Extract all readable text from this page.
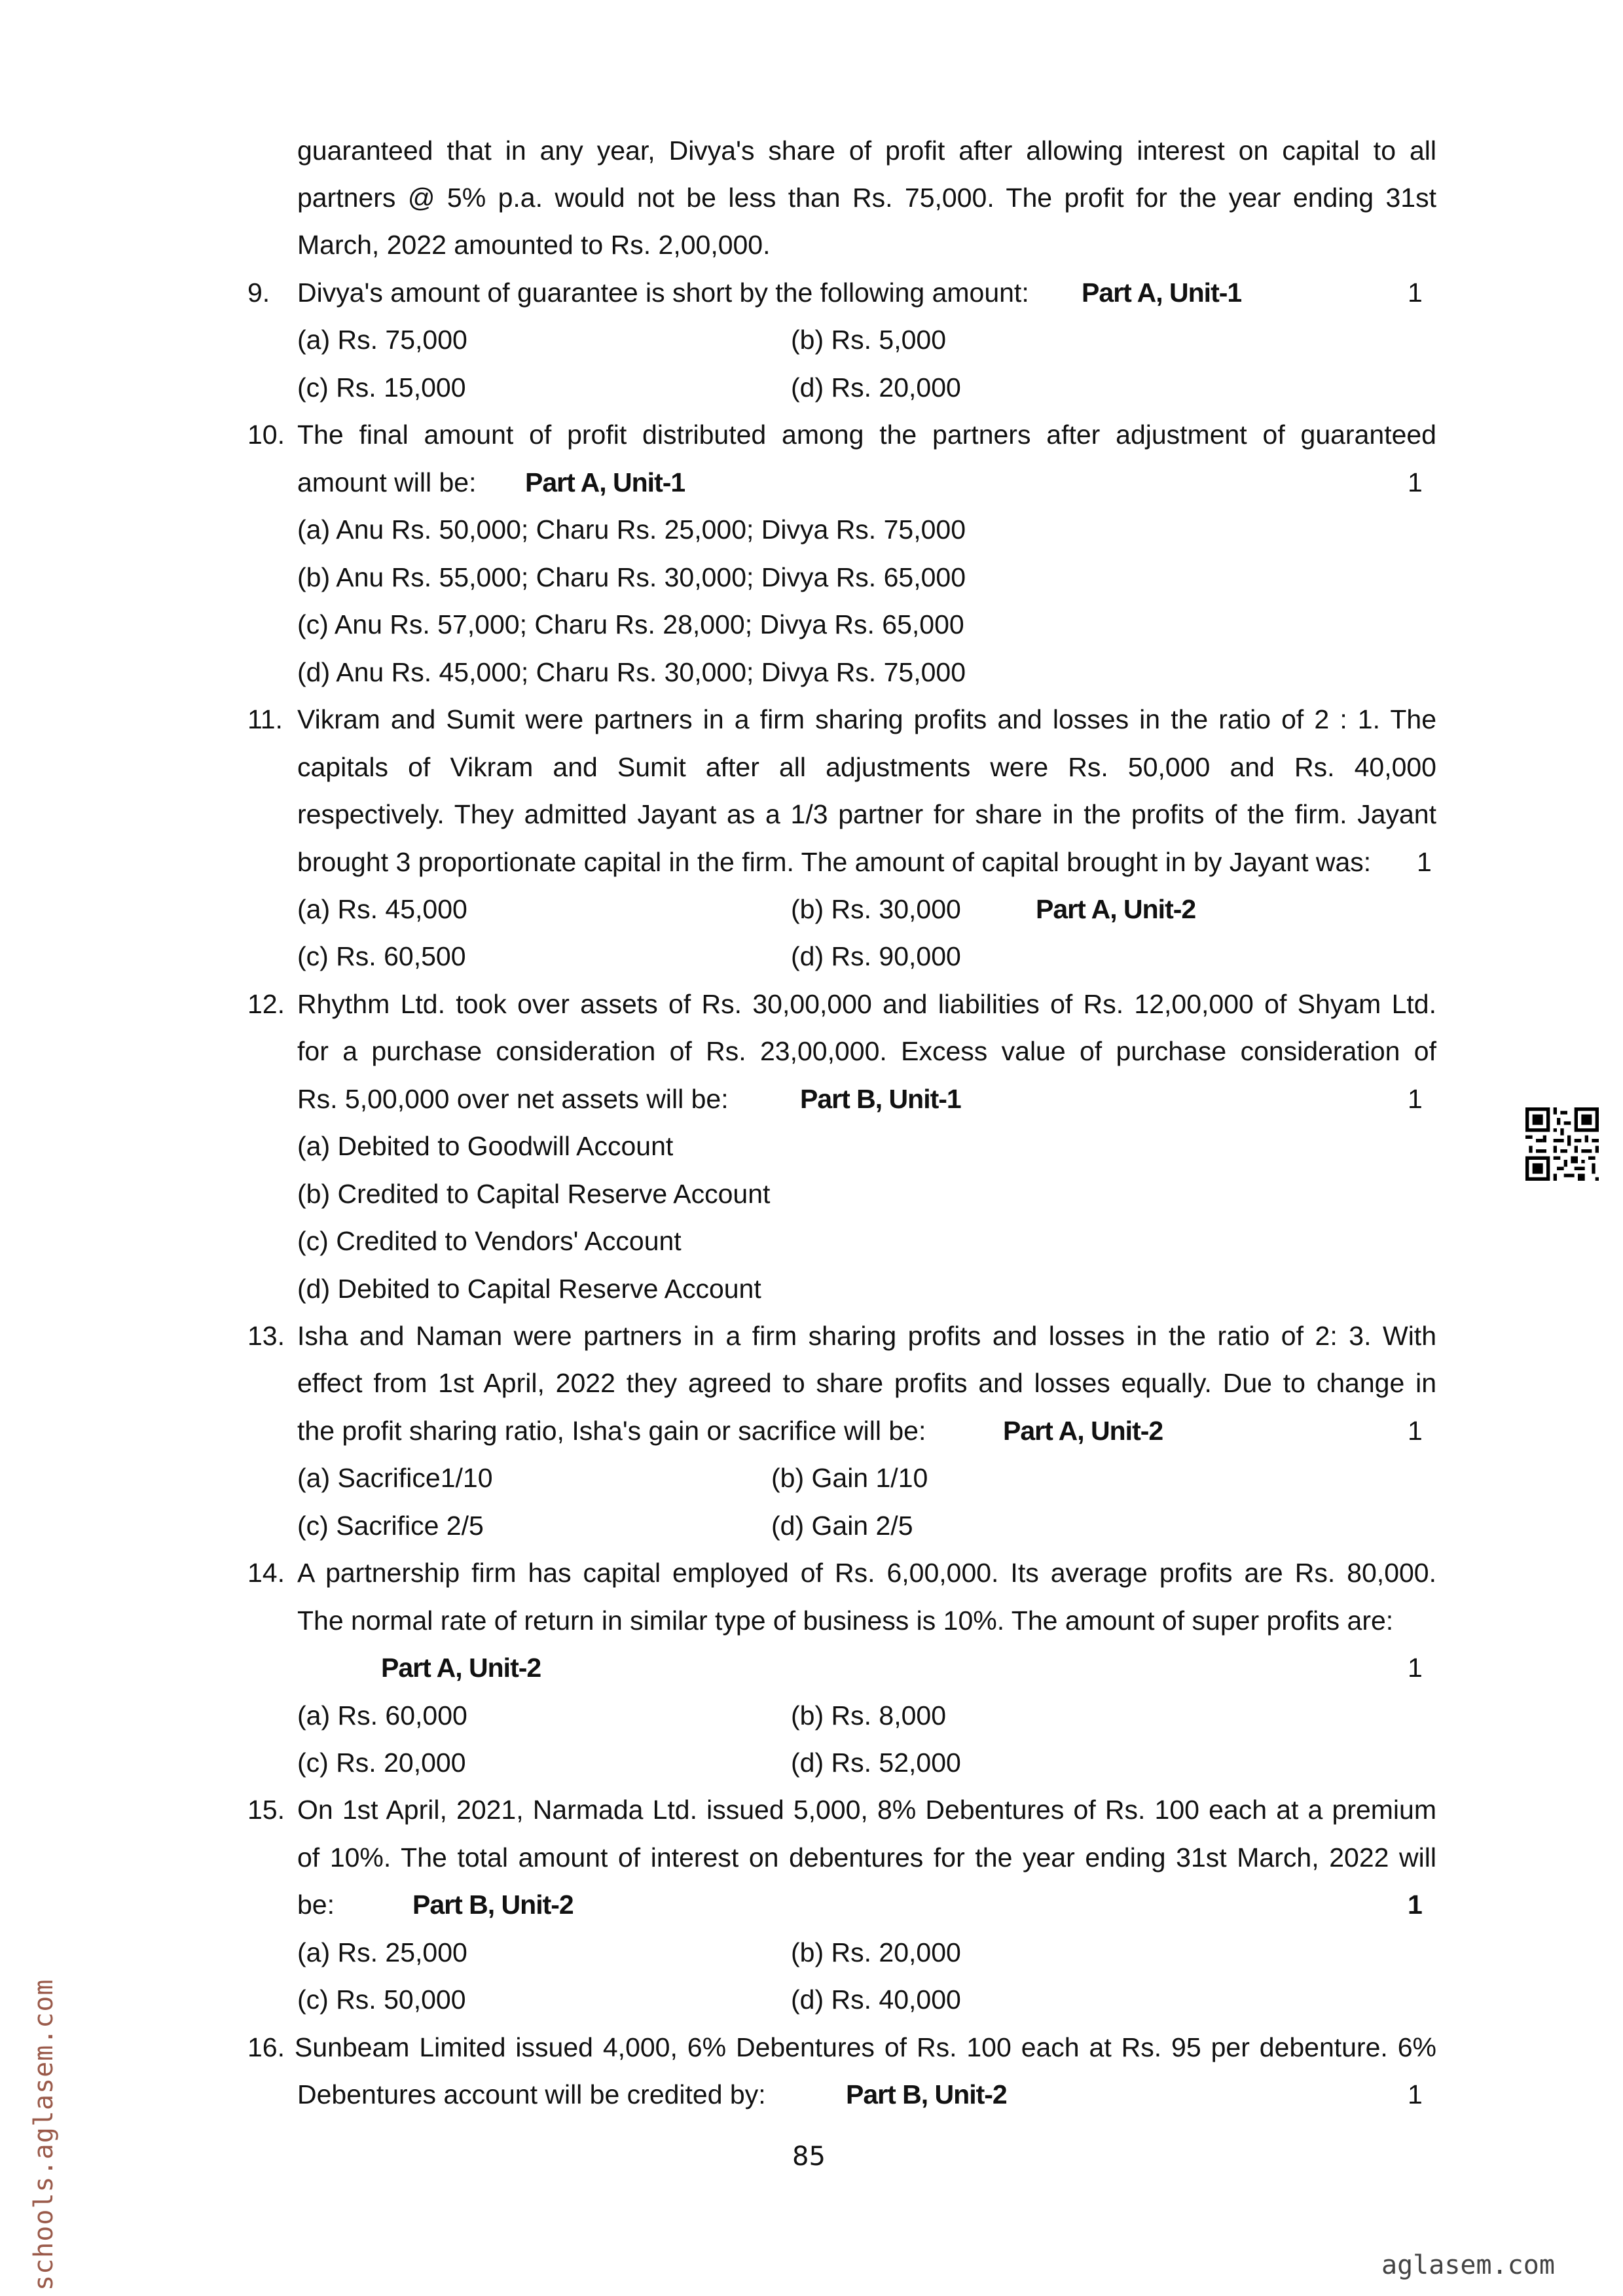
guaranteed that in any year, Divya's share of profit after allowing interest on capital to all
partners @ 5% p.a. would not be less than Rs. 75,000. The profit for the year ending 31st
March, 2022 amounted to Rs. 2,00,000.
9. Divya's amount of guarantee is short by the following amount: Part A, Unit-1	1
(a) Rs. 75,000	(b) Rs. 5,000
(c) Rs. 15,000	(d) Rs. 20,000
10. The final amount of profit distributed among the partners after adjustment of guaranteed
amount will be: Part A, Unit-1	1
(a) Anu Rs. 50,000; Charu Rs. 25,000; Divya Rs. 75,000
(b) Anu Rs. 55,000; Charu Rs. 30,000; Divya Rs. 65,000
(c) Anu Rs. 57,000; Charu Rs. 28,000; Divya Rs. 65,000
(d) Anu Rs. 45,000; Charu Rs. 30,000; Divya Rs. 75,000
11. Vikram and Sumit were partners in a firm sharing profits and losses in the ratio of 2 : 1. The
capitals of Vikram and Sumit after all adjustments were Rs. 50,000 and Rs. 40,000
respectively. They admitted Jayant as a 1/3 partner for share in the profits of the firm. Jayant
brought 3 proportionate capital in the firm. The amount of capital brought in by Jayant was: 1
(a) Rs. 45,000	(b) Rs. 30,000	Part A, Unit-2
(c) Rs. 60,500	(d) Rs. 90,000
12. Rhythm Ltd. took over assets of Rs. 30,00,000 and liabilities of Rs. 12,00,000 of Shyam Ltd.
for a purchase consideration of Rs. 23,00,000. Excess value of purchase consideration of
Rs. 5,00,000 over net assets will be:	Part B, Unit-1	1
(a) Debited to Goodwill Account
(b) Credited to Capital Reserve Account
(c) Credited to Vendors' Account
(d) Debited to Capital Reserve Account
13. Isha and Naman were partners in a firm sharing profits and losses in the ratio of 2: 3. With
effect from 1st April, 2022 they agreed to share profits and losses equally. Due to change in
the profit sharing ratio, Isha's gain or sacrifice will be:	Part A, Unit-2	1
(a) Sacrifice1/10	(b) Gain 1/10
(c) Sacrifice 2/5	(d) Gain 2/5
14. A partnership firm has capital employed of Rs. 6,00,000. Its average profits are Rs. 80,000.
The normal rate of return in similar type of business is 10%. The amount of super profits are:
Part A, Unit-2	1
(a) Rs. 60,000	(b) Rs. 8,000
(c) Rs. 20,000	(d) Rs. 52,000
15. On 1st April, 2021, Narmada Ltd. issued 5,000, 8% Debentures of Rs. 100 each at a premium
of 10%. The total amount of interest on debentures for the year ending 31st March, 2022 will
be:	Part B, Unit-2	1
(a) Rs. 25,000	(b) Rs. 20,000
(c) Rs. 50,000	(d) Rs. 40,000
16. Sunbeam Limited issued 4,000, 6% Debentures of Rs. 100 each at Rs. 95 per debenture. 6%
Debentures account will be credited by:	Part B, Unit-2	1
85
schools.aglasem.com	aglasem.com
